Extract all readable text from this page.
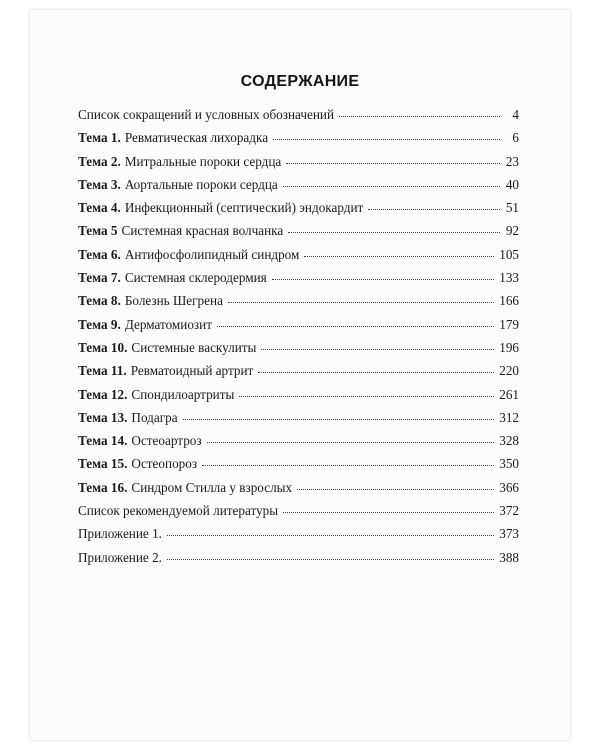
СОДЕРЖАНИЕ
Список сокращений и условных обозначений	4
Тема 1. Ревматическая лихорадка	6
Тема 2. Митральные пороки сердца	23
Тема 3. Аортальные пороки сердца	40
Тема 4. Инфекционный (септический) эндокардит	51
Тема 5 Системная красная волчанка	92
Тема 6. Антифосфолипидный синдром	105
Тема 7. Системная склеродермия	133
Тема 8. Болезнь Шегрена	166
Тема 9. Дерматомиозит	179
Тема 10. Системные васкулиты	196
Тема 11. Ревматоидный артрит	220
Тема 12. Спондилоартриты	261
Тема 13. Подагра	312
Тема 14. Остеоартроз	328
Тема 15. Остеопороз	350
Тема 16. Синдром Стилла у взрослых	366
Список рекомендуемой литературы	372
Приложение 1.	373
Приложение 2.	388
